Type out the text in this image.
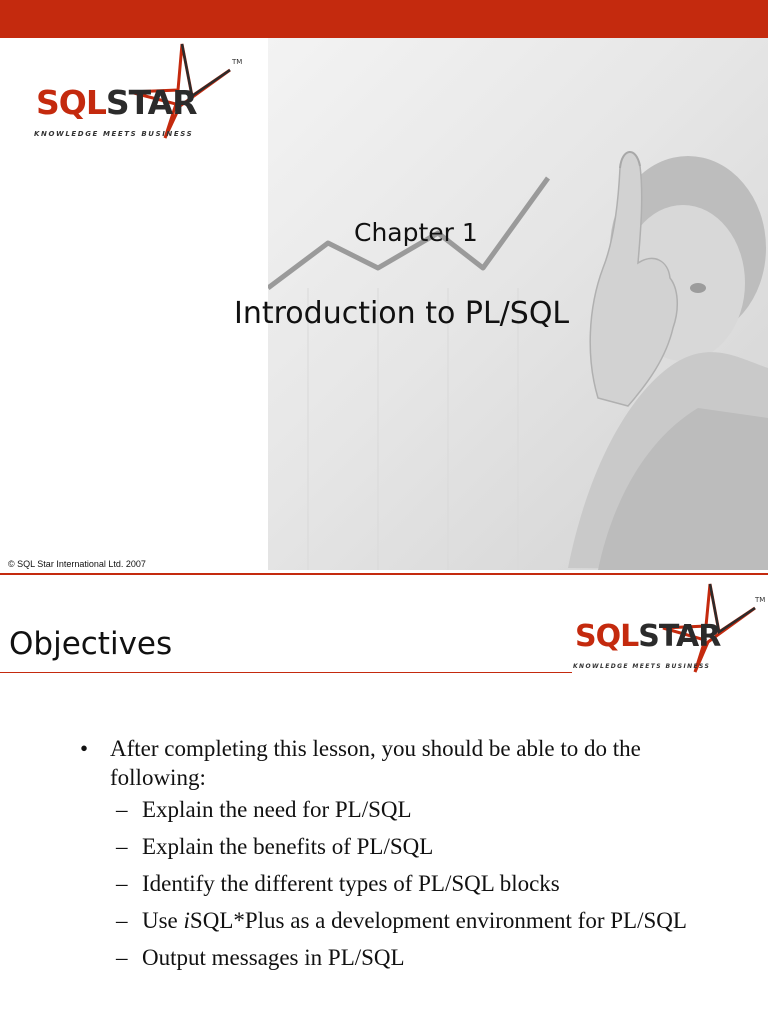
TM
SQLSTAR
KNOWLEDGE MEETS BUSINESS
Chapter 1
Introduction to PL/SQL
© SQL Star International Ltd. 2007
TM
SQLSTAR
KNOWLEDGE MEETS BUSINESS
Objectives
• After completing this lesson, you should be able to do the following:
– Explain the need for PL/SQL
– Explain the benefits of PL/SQL
– Identify the different types of PL/SQL blocks
– Use iSQL*Plus as a development environment for PL/SQL
– Output messages in PL/SQL
